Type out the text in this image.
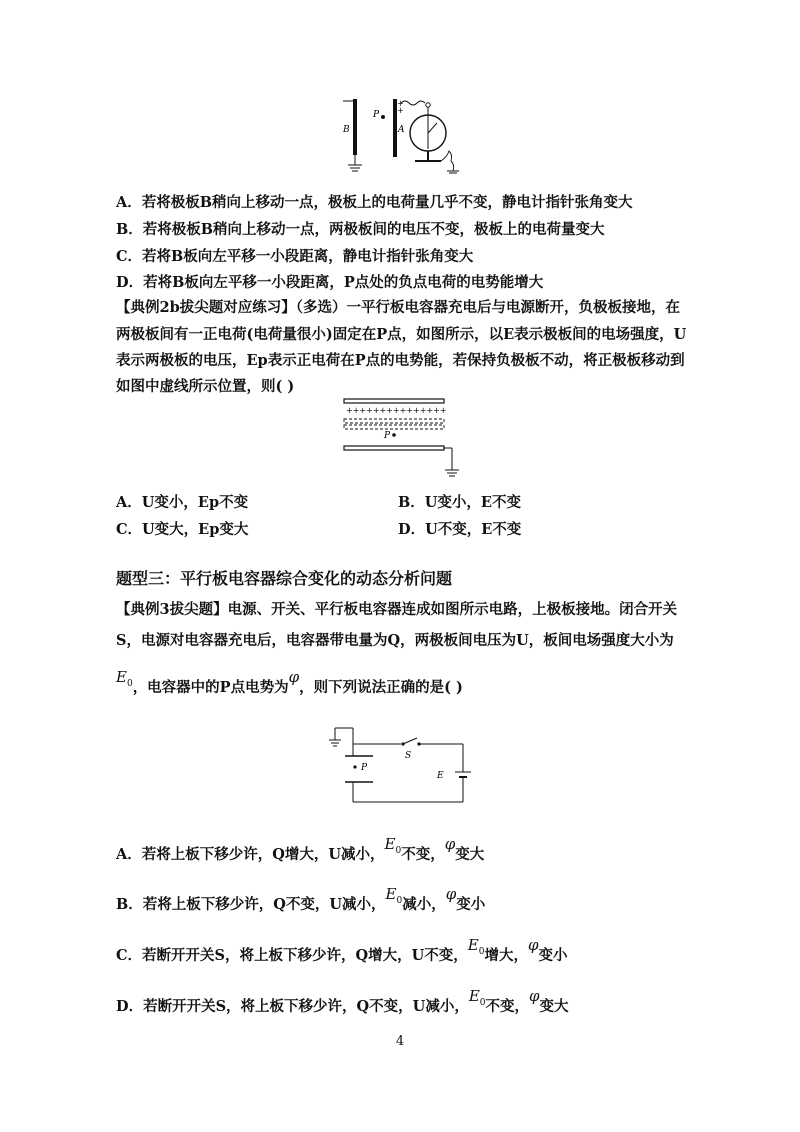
B
P
A
+
+
A．若将极板B稍向上移动一点，极板上的电荷量几乎不变，静电计指针张角变大
B．若将极板B稍向上移动一点，两极板间的电压不变，极板上的电荷量变大
C．若将B板向左平移一小段距离，静电计指针张角变大
D．若将B板向左平移一小段距离，P点处的负点电荷的电势能增大
【典例2b拔尖题对应练习】（多选）一平行板电容器充电后与电源断开，负极板接地，在
两极板间有一正电荷(电荷量很小)固定在P点，如图所示，以E表示极板间的电场强度，U
表示两极板的电压，Ep表示正电荷在P点的电势能，若保持负极板不动，将正极板移动到
如图中虚线所示位置，则( )
+++++++++++++++
P
A．U变小，Ep不变	B．U变小，E不变
C．U变大，Ep变大	D．U不变，E不变
题型三：平行板电容器综合变化的动态分析问题
【典例3拔尖题】电源、开关、平行板电容器连成如图所示电路，上极板接地。闭合开关
S，电源对电容器充电后，电容器带电量为Q，两极板间电压为U，板间电场强度大小为
$E_0$，电容器中的P点电势为φ，则下列说法正确的是( )
S
E
P
A．若将上板下移少许，Q增大，U减小，$E_0$不变，φ变大
B．若将上板下移少许，Q不变，U减小，$E_0$减小，φ变小
C．若断开开关S，将上板下移少许，Q增大，U不变，$E_0$增大，φ变小
D．若断开开关S，将上板下移少许，Q不变，U减小，$E_0$不变，φ变大
4
